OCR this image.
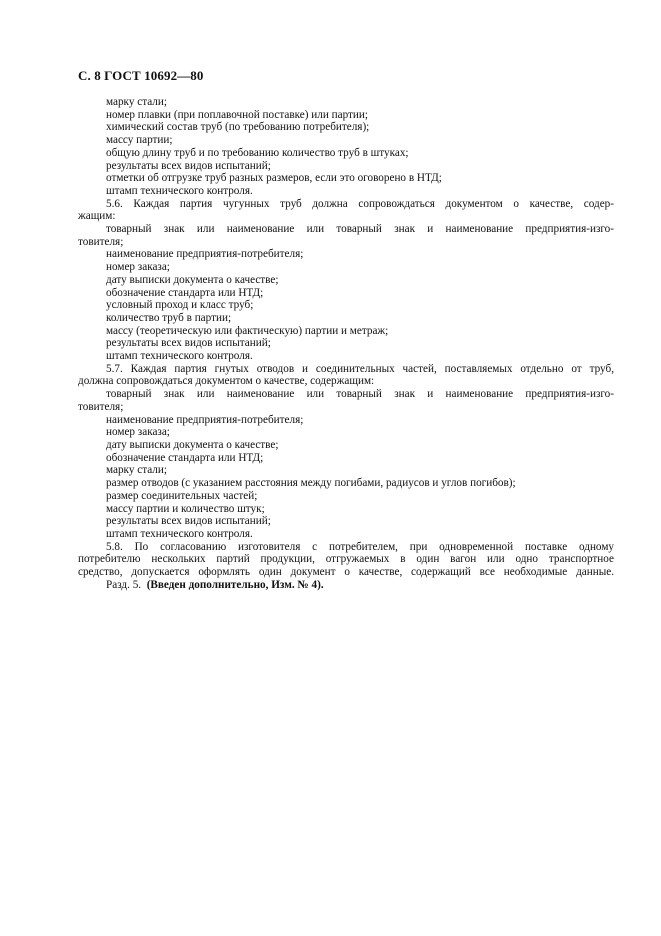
С. 8 ГОСТ 10692—80
марку стали;
номер плавки (при поплавочной поставке) или партии;
химический состав труб (по требованию потребителя);
массу партии;
общую длину труб и по требованию количество труб в штуках;
результаты всех видов испытаний;
отметки об отгрузке труб разных размеров, если это оговорено в НТД;
штамп технического контроля.
5.6. Каждая партия чугунных труб должна сопровождаться документом о качестве, содер-
жащим:
товарный знак или наименование или товарный знак и наименование предприятия-изго-
товителя;
наименование предприятия-потребителя;
номер заказа;
дату выписки документа о качестве;
обозначение стандарта или НТД;
условный проход и класс труб;
количество труб в партии;
массу (теоретическую или фактическую) партии и метраж;
результаты всех видов испытаний;
штамп технического контроля.
5.7. Каждая партия гнутых отводов и соединительных частей, поставляемых отдельно от труб,
должна сопровождаться документом о качестве, содержащим:
товарный знак или наименование или товарный знак и наименование предприятия-изго-
товителя;
наименование предприятия-потребителя;
номер заказа;
дату выписки документа о качестве;
обозначение стандарта или НТД;
марку стали;
размер отводов (с указанием расстояния между погибами, радиусов и углов погибов);
размер соединительных частей;
массу партии и количество штук;
результаты всех видов испытаний;
штамп технического контроля.
5.8. По согласованию изготовителя с потребителем, при одновременной поставке одному
потребителю нескольких партий продукции, отгружаемых в один вагон или одно транспортное
средство, допускается оформлять один документ о качестве, содержащий все необходимые данные.
Разд. 5. (Введен дополнительно, Изм. № 4).
